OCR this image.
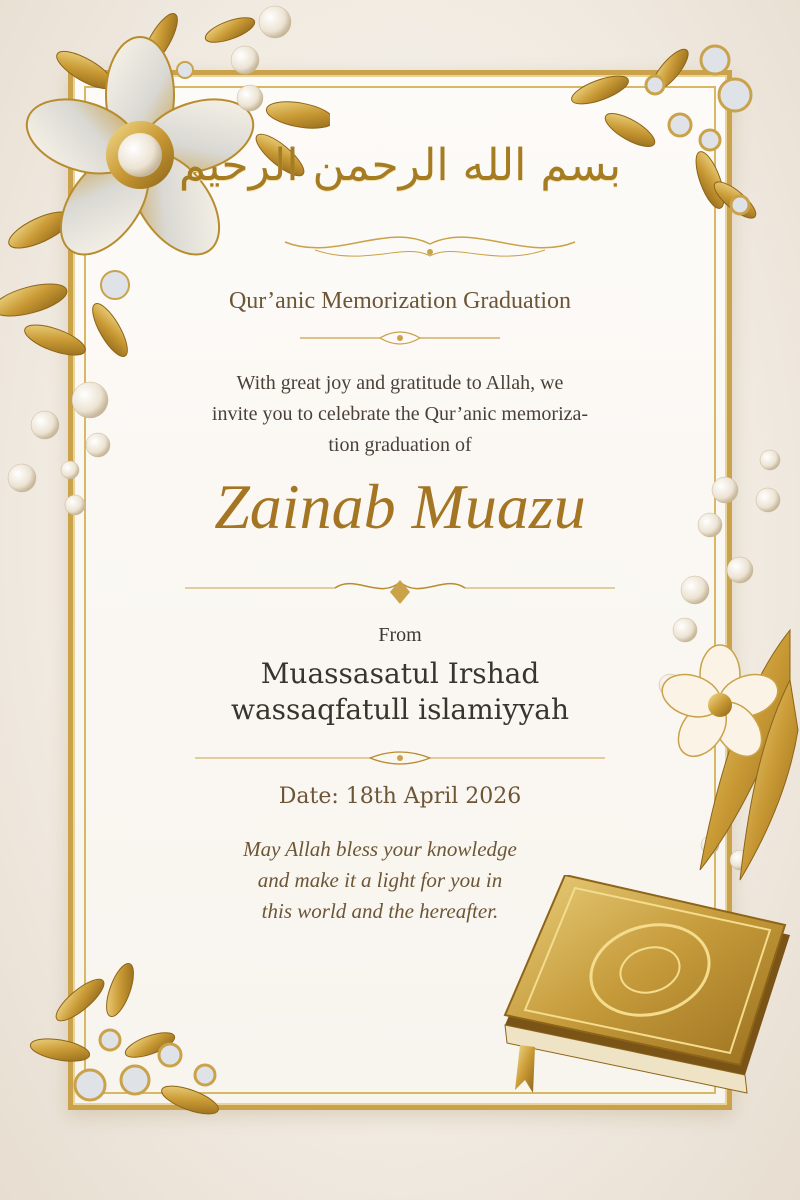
بسم الله الرحمن الرحيم
Qur’anic Memorization Graduation
With great joy and gratitude to Allah, we
invite you to celebrate the Qur’anic memoriza-
tion graduation of
Zainab Muazu
From
Muassasatul Irshad
wassaqfatull islamiyyah
Date: 18th April 2026
May Allah bless your knowledge
and make it a light for you in
this world and the hereafter.
